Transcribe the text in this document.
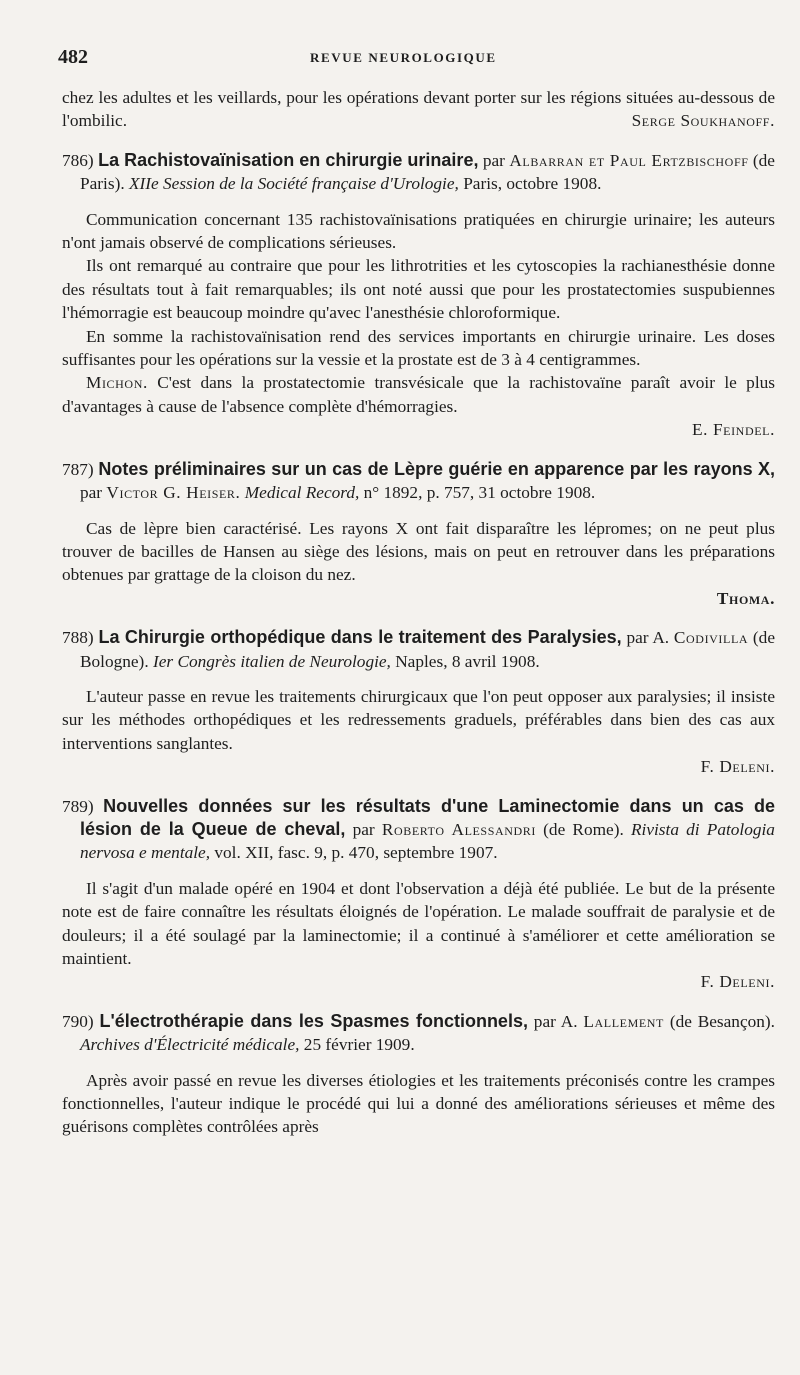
482	REVUE NEUROLOGIQUE

chez les adultes et les veillards, pour les opérations devant porter sur les régions situées au-dessous de l'ombilic.	Serge Soukhanoff.

786) La Rachistovaïnisation en chirurgie urinaire, par Albarran et Paul Ertzbischoff (de Paris). XIIe Session de la Société française d'Urologie, Paris, octobre 1908.

Communication concernant 135 rachistovaïnisations pratiquées en chirurgie urinaire; les auteurs n'ont jamais observé de complications sérieuses.

Ils ont remarqué au contraire que pour les lithrotrities et les cytoscopies la rachianesthésie donne des résultats tout à fait remarquables; ils ont noté aussi que pour les prostatectomies suspubiennes l'hémorragie est beaucoup moindre qu'avec l'anesthésie chloroformique.

En somme la rachistovaïnisation rend des services importants en chirurgie urinaire. Les doses suffisantes pour les opérations sur la vessie et la prostate est de 3 à 4 centigrammes.

Michon. C'est dans la prostatectomie transvésicale que la rachistovaïne paraît avoir le plus d'avantages à cause de l'absence complète d'hémorragies.

E. Feindel.

787) Notes préliminaires sur un cas de Lèpre guérie en apparence par les rayons X, par Victor G. Heiser. Medical Record, n° 1892, p. 757, 31 octobre 1908.

Cas de lèpre bien caractérisé. Les rayons X ont fait disparaître les lépromes; on ne peut plus trouver de bacilles de Hansen au siège des lésions, mais on peut en retrouver dans les préparations obtenues par grattage de la cloison du nez.

Thoma.

788) La Chirurgie orthopédique dans le traitement des Paralysies, par A. Codivilla (de Bologne). Ier Congrès italien de Neurologie, Naples, 8 avril 1908.

L'auteur passe en revue les traitements chirurgicaux que l'on peut opposer aux paralysies; il insiste sur les méthodes orthopédiques et les redressements graduels, préférables dans bien des cas aux interventions sanglantes.

F. Deleni.

789) Nouvelles données sur les résultats d'une Laminectomie dans un cas de lésion de la Queue de cheval, par Roberto Alessandri (de Rome). Rivista di Patologia nervosa e mentale, vol. XII, fasc. 9, p. 470, septembre 1907.

Il s'agit d'un malade opéré en 1904 et dont l'observation a déjà été publiée. Le but de la présente note est de faire connaître les résultats éloignés de l'opération. Le malade souffrait de paralysie et de douleurs; il a été soulagé par la laminectomie; il a continué à s'améliorer et cette amélioration se maintient.

F. Deleni.

790) L'électrothérapie dans les Spasmes fonctionnels, par A. Lallement (de Besançon). Archives d'Électricité médicale, 25 février 1909.

Après avoir passé en revue les diverses étiologies et les traitements préconisés contre les crampes fonctionnelles, l'auteur indique le procédé qui lui a donné des améliorations sérieuses et même des guérisons complètes contrôlées après
